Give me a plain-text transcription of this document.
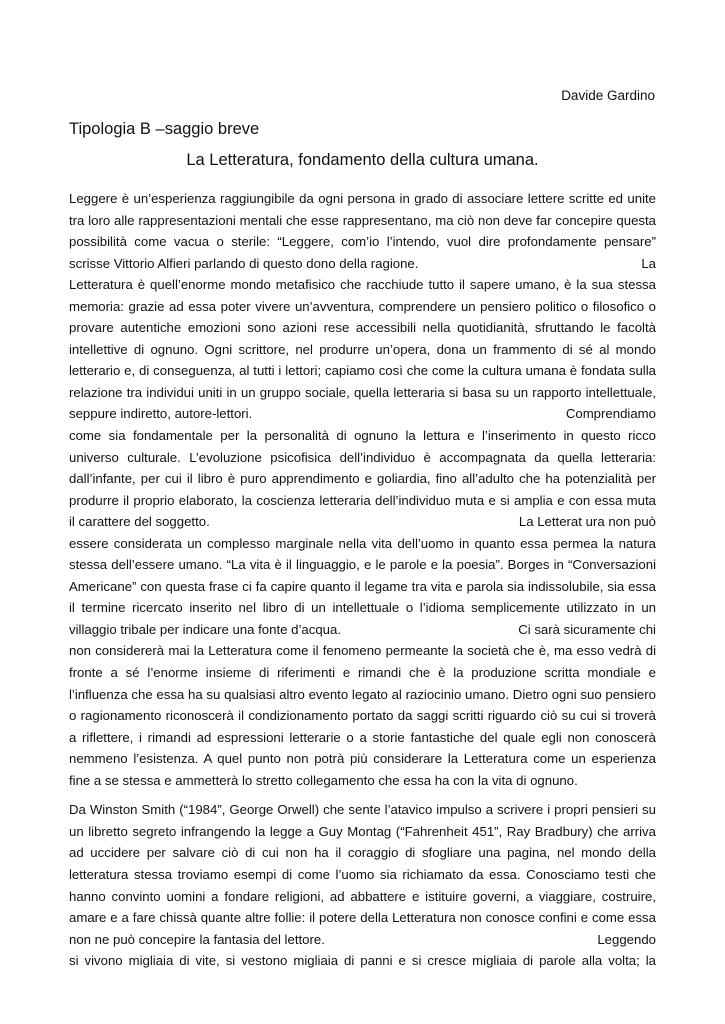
Davide Gardino
Tipologia B –saggio breve
La Letteratura, fondamento della cultura umana.
Leggere è un’esperienza raggiungibile da ogni persona in grado di associare lettere scritte ed unite
tra loro alle rappresentazioni mentali che esse rappresentano, ma ciò non deve far concepire questa
possibilità come vacua o sterile: “Leggere, com’io l’intendo, vuol dire profondamente pensare”
scrisse Vittorio Alfieri parlando di questo dono della ragione.	La
Letteratura è quell’enorme mondo metafisico che racchiude tutto il sapere umano, è la sua stessa
memoria: grazie ad essa poter vivere un’avventura, comprendere un pensiero politico o filosofico o
provare autentiche emozioni sono azioni rese accessibili nella quotidianità, sfruttando le facoltà
intellettive di ognuno. Ogni scrittore, nel produrre un’opera, dona un frammento di sé al mondo
letterario e, di conseguenza, al tutti i lettori; capiamo così che come la cultura umana è fondata sulla
relazione tra individui uniti in un gruppo sociale, quella letteraria si basa su un rapporto intellettuale,
seppure indiretto, autore-lettori.	Comprendiamo
come sia fondamentale per la personalità di ognuno la lettura e l’inserimento in questo ricco
universo culturale. L’evoluzione psicofisica dell’individuo è accompagnata da quella letteraria:
dall’infante, per cui il libro è puro apprendimento e goliardia, fino all’adulto che ha potenzialità per
produrre il proprio elaborato, la coscienza letteraria dell’individuo muta e si amplia e con essa muta
il carattere del soggetto.	La Letterat ura non può
essere considerata un complesso marginale nella vita dell’uomo in quanto essa permea la natura
stessa dell’essere umano. “La vita è il linguaggio, e le parole e la poesia”. Borges in “Conversazioni
Americane” con questa frase ci fa capire quanto il legame tra vita e parola sia indissolubile, sia essa
il termine ricercato inserito nel libro di un intellettuale o l’idioma semplicemente utilizzato in un
villaggio tribale per indicare una fonte d’acqua.	Ci sarà sicuramente chi
non considererà mai la Letteratura come il fenomeno permeante la società che è, ma esso vedrà di
fronte a sé l’enorme insieme di riferimenti e rimandi che è la produzione scritta mondiale e
l’influenza che essa ha su qualsiasi altro evento legato al raziocinio umano. Dietro ogni suo pensiero
o ragionamento riconoscerà il condizionamento portato da saggi scritti riguardo ciò su cui si troverà
a riflettere, i rimandi ad espressioni letterarie o a storie fantastiche del quale egli non conoscerà
nemmeno l’esistenza. A quel punto non potrà più considerare la Letteratura come un esperienza
fine a se stessa e ammetterà lo stretto collegamento che essa ha con la vita di ognuno.
Da Winston Smith (“1984”, George Orwell) che sente l’atavico impulso a scrivere i propri pensieri su
un libretto segreto infrangendo la legge a Guy Montag (“Fahrenheit 451”, Ray Bradbury) che arriva
ad uccidere per salvare ciò di cui non ha il coraggio di sfogliare una pagina, nel mondo della
letteratura stessa troviamo esempi di come l’uomo sia richiamato da essa. Conosciamo testi che
hanno convinto uomini a fondare religioni, ad abbattere e istituire governi, a viaggiare, costruire,
amare e a fare chissà quante altre follie: il potere della Letteratura non conosce confini e come essa
non ne può concepire la fantasia del lettore.	Leggendo
si vivono migliaia di vite, si vestono migliaia di panni e si cresce migliaia di parole alla volta; la
